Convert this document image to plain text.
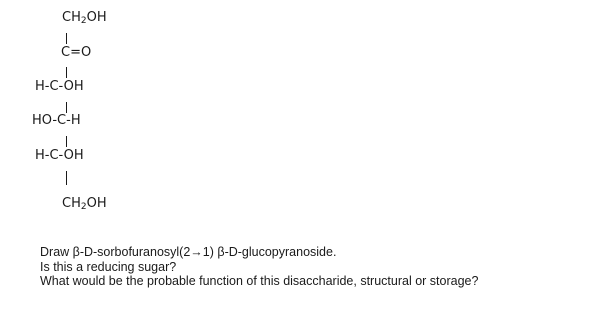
$CH_2OH$
C=O
H-C-OH
HO-C-H
H-C-OH
$CH_2OH$
Draw β-D-sorbofuranosyl(2→1) β-D-glucopyranoside.
Is this a reducing sugar?
What would be the probable function of this disaccharide, structural or storage?
